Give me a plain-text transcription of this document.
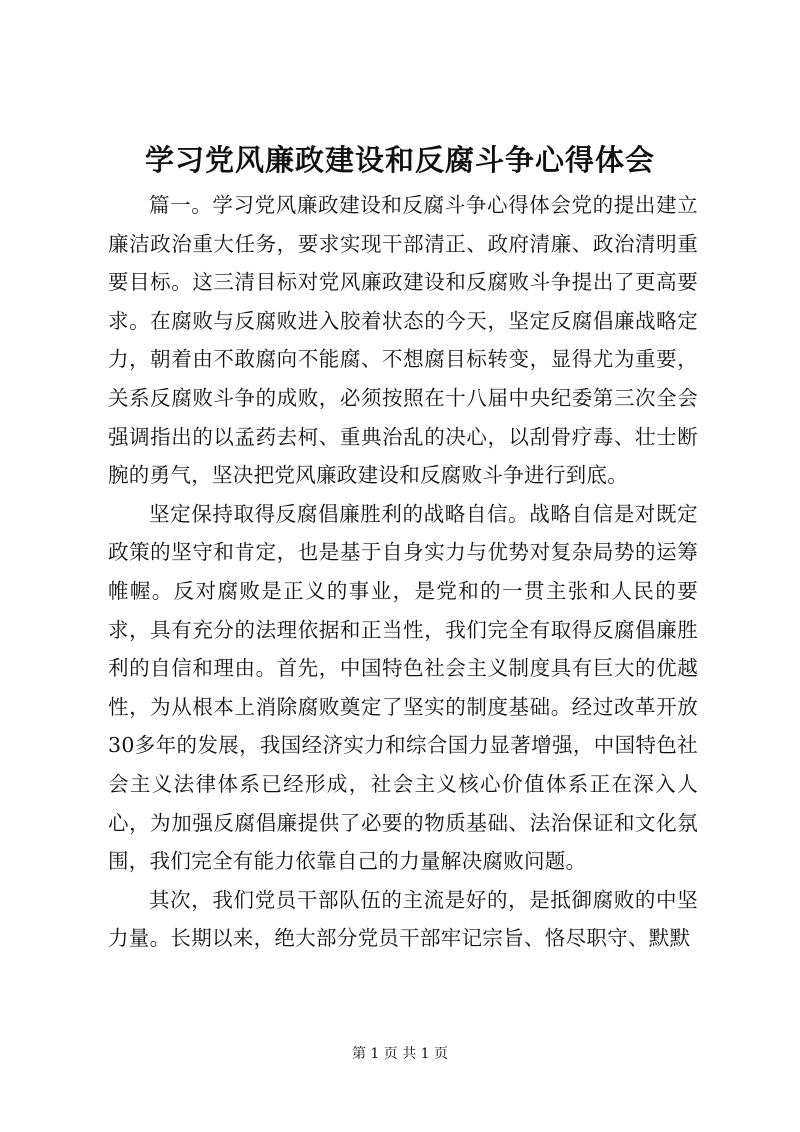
学习党风廉政建设和反腐斗争心得体会

篇一。学习党风廉政建设和反腐斗争心得体会党的提出建立廉洁政治重大任务，要求实现干部清正、政府清廉、政治清明重要目标。这三清目标对党风廉政建设和反腐败斗争提出了更高要求。在腐败与反腐败进入胶着状态的今天，坚定反腐倡廉战略定力，朝着由不敢腐向不能腐、不想腐目标转变，显得尤为重要，关系反腐败斗争的成败，必须按照在十八届中央纪委第三次全会强调指出的以孟药去柯、重典治乱的决心，以刮骨疗毒、壮士断腕的勇气，坚决把党风廉政建设和反腐败斗争进行到底。

坚定保持取得反腐倡廉胜利的战略自信。战略自信是对既定政策的坚守和肯定，也是基于自身实力与优势对复杂局势的运筹帷幄。反对腐败是正义的事业，是党和的一贯主张和人民的要求，具有充分的法理依据和正当性，我们完全有取得反腐倡廉胜利的自信和理由。首先，中国特色社会主义制度具有巨大的优越性，为从根本上消除腐败奠定了坚实的制度基础。经过改革开放30多年的发展，我国经济实力和综合国力显著增强，中国特色社会主义法律体系已经形成，社会主义核心价值体系正在深入人心，为加强反腐倡廉提供了必要的物质基础、法治保证和文化氛围，我们完全有能力依靠自己的力量解决腐败问题。

其次，我们党员干部队伍的主流是好的，是抵御腐败的中坚力量。长期以来，绝大部分党员干部牢记宗旨、恪尽职守、默默

第 1 页 共 1 页
